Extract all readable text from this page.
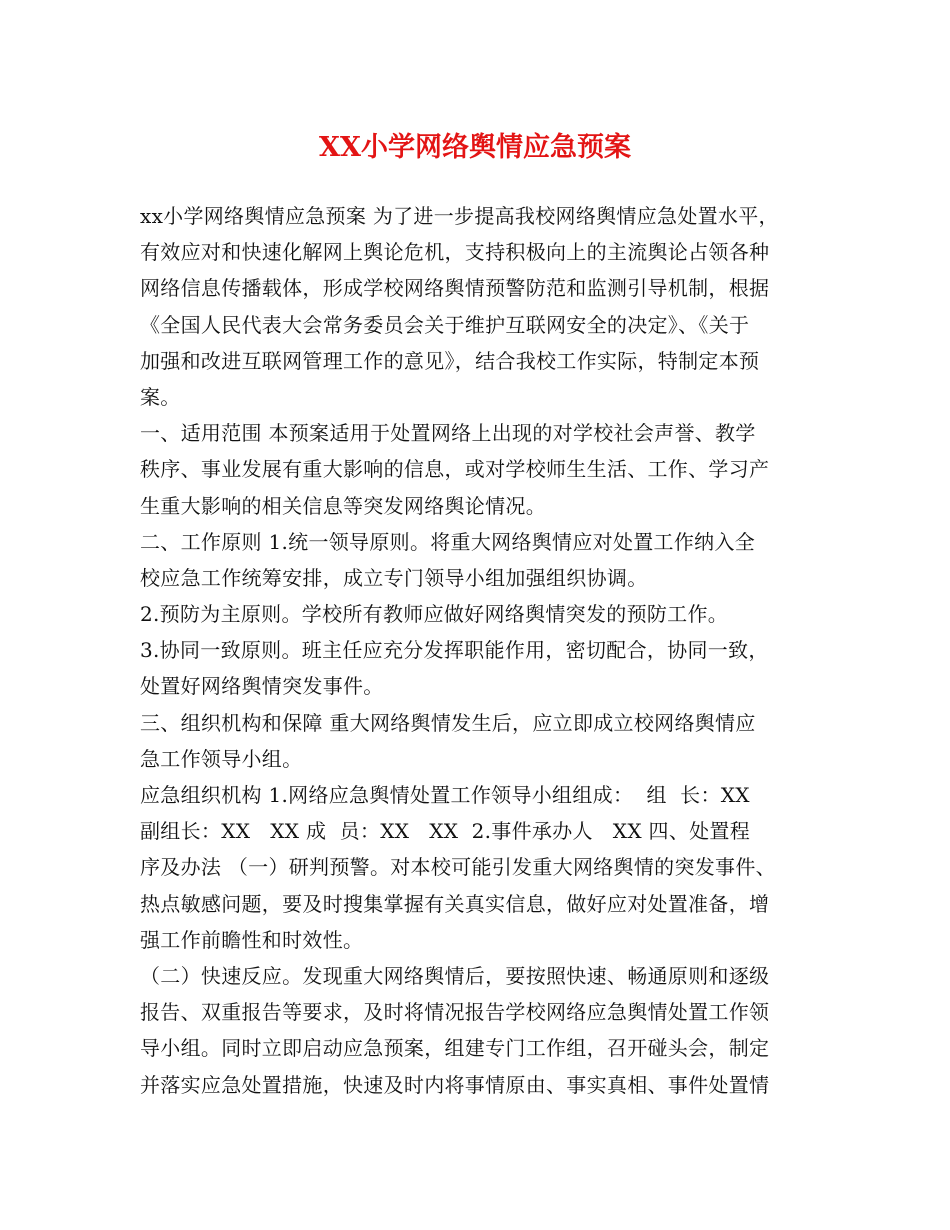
XX小学网络舆情应急预案
xx小学网络舆情应急预案 为了进一步提高我校网络舆情应急处置水平，
有效应对和快速化解网上舆论危机，支持积极向上的主流舆论占领各种
网络信息传播载体，形成学校网络舆情预警防范和监测引导机制，根据
《全国人民代表大会常务委员会关于维护互联网安全的决定》、《关于
加强和改进互联网管理工作的意见》，结合我校工作实际，特制定本预
案。
一、适用范围 本预案适用于处置网络上出现的对学校社会声誉、教学
秩序、事业发展有重大影响的信息，或对学校师生生活、工作、学习产
生重大影响的相关信息等突发网络舆论情况。
二、工作原则 1.统一领导原则。将重大网络舆情应对处置工作纳入全
校应急工作统筹安排，成立专门领导小组加强组织协调。
2.预防为主原则。学校所有教师应做好网络舆情突发的预防工作。
3.协同一致原则。班主任应充分发挥职能作用，密切配合，协同一致，
处置好网络舆情突发事件。
三、组织机构和保障 重大网络舆情发生后，应立即成立校网络舆情应
急工作领导小组。
应急组织机构 1.网络应急舆情处置工作领导小组组成：  组  长：XX
副组长：XX   XX 成  员：XX   XX  2.事件承办人   XX 四、处置程
序及办法 （一）研判预警。对本校可能引发重大网络舆情的突发事件、
热点敏感问题，要及时搜集掌握有关真实信息，做好应对处置准备，增
强工作前瞻性和时效性。
（二）快速反应。发现重大网络舆情后，要按照快速、畅通原则和逐级
报告、双重报告等要求，及时将情况报告学校网络应急舆情处置工作领
导小组。同时立即启动应急预案，组建专门工作组，召开碰头会，制定
并落实应急处置措施，快速及时内将事情原由、事实真相、事件处置情
